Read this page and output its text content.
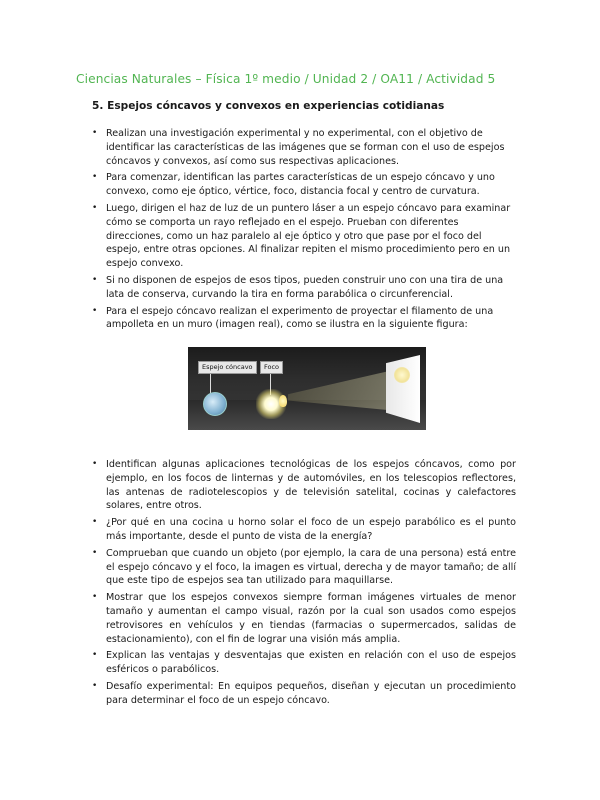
Ciencias Naturales – Física 1º medio / Unidad 2 / OA11 / Actividad 5
5. Espejos cóncavos y convexos en experiencias cotidianas
• Realizan una investigación experimental y no experimental, con el objetivo de identificar las características de las imágenes que se forman con el uso de espejos cóncavos y convexos, así como sus respectivas aplicaciones.
• Para comenzar, identifican las partes características de un espejo cóncavo y uno convexo, como eje óptico, vértice, foco, distancia focal y centro de curvatura.
• Luego, dirigen el haz de luz de un puntero láser a un espejo cóncavo para examinar cómo se comporta un rayo reflejado en el espejo. Prueban con diferentes direcciones, como un haz paralelo al eje óptico y otro que pase por el foco del espejo, entre otras opciones. Al finalizar repiten el mismo procedimiento pero en un espejo convexo.
• Si no disponen de espejos de esos tipos, pueden construir uno con una tira de una lata de conserva, curvando la tira en forma parabólica o circunferencial.
• Para el espejo cóncavo realizan el experimento de proyectar el filamento de una ampolleta en un muro (imagen real), como se ilustra en la siguiente figura:
Espejo cóncavo	Foco
• Identifican algunas aplicaciones tecnológicas de los espejos cóncavos, como por ejemplo, en los focos de linternas y de automóviles, en los telescopios reflectores, las antenas de radiotelescopios y de televisión satelital, cocinas y calefactores solares, entre otros.
• ¿Por qué en una cocina u horno solar el foco de un espejo parabólico es el punto más importante, desde el punto de vista de la energía?
• Comprueban que cuando un objeto (por ejemplo, la cara de una persona) está entre el espejo cóncavo y el foco, la imagen es virtual, derecha y de mayor tamaño; de allí que este tipo de espejos sea tan utilizado para maquillarse.
• Mostrar que los espejos convexos siempre forman imágenes virtuales de menor tamaño y aumentan el campo visual, razón por la cual son usados como espejos retrovisores en vehículos y en tiendas (farmacias o supermercados, salidas de estacionamiento), con el fin de lograr una visión más amplia.
• Explican las ventajas y desventajas que existen en relación con el uso de espejos esféricos o parabólicos.
• Desafío experimental: En equipos pequeños, diseñan y ejecutan un procedimiento para determinar el foco de un espejo cóncavo.
